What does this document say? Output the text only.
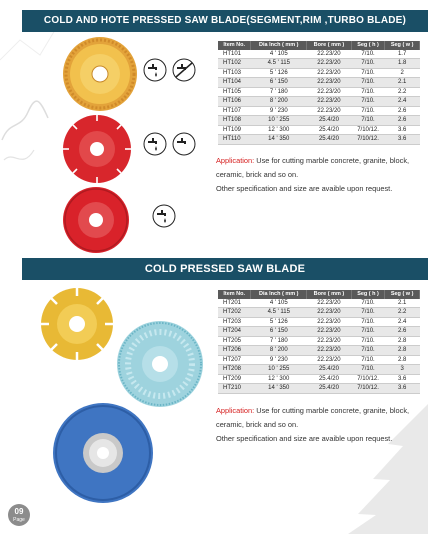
COLD AND HOTE PRESSED SAW BLADE(SEGMENT,RIM ,TURBO BLADE)
Item No.	Dia Inch ( mm )	Bore ( mm )	Seg ( h )	Seg ( w )
HT101	4 ' 105	22.23/20	7/10.	1.7
HT102	4.5 ' 115	22.23/20	7/10.	1.8
HT103	5 ' 126	22.23/20	7/10.	2
HT104	6 ' 150	22.23/20	7/10.	2.1
HT105	7 ' 180	22.23/20	7/10.	2.2
HT106	8 ' 200	22.23/20	7/10.	2.4
HT107	9 ' 230	22.23/20	7/10.	2.6
HT108	10 ' 255	25.4/20	7/10.	2.6
HT109	12 ' 300	25.4/20	7/10/12.	3.6
HT110	14 ' 350	25.4/20	7/10/12.	3.6
Application: Use for cutting marble concrete, granite, block, ceramic, brick and so on.
Other specification and size are avaible upon request.
COLD PRESSED SAW BLADE
Item No.	Dia Inch ( mm )	Bore ( mm )	Seg ( h )	Seg ( w )
HT201	4 ' 105	22.23/20	7/10.	2.1
HT202	4.5 ' 115	22.23/20	7/10.	2.2
HT203	5 ' 126	22.23/20	7/10.	2.4
HT204	6 ' 150	22.23/20	7/10.	2.6
HT205	7 ' 180	22.23/20	7/10.	2.8
HT206	8 ' 200	22.23/20	7/10.	2.8
HT207	9 ' 230	22.23/20	7/10.	2.8
HT208	10 ' 255	25.4/20	7/10.	3
HT209	12 ' 300	25.4/20	7/10/12.	3.6
HT210	14 ' 350	25.4/20	7/10/12.	3.6
Application: Use for cutting marble concrete, granite, block, ceramic, brick and so on.
Other specification and size are avaible upon request.
09
Page
